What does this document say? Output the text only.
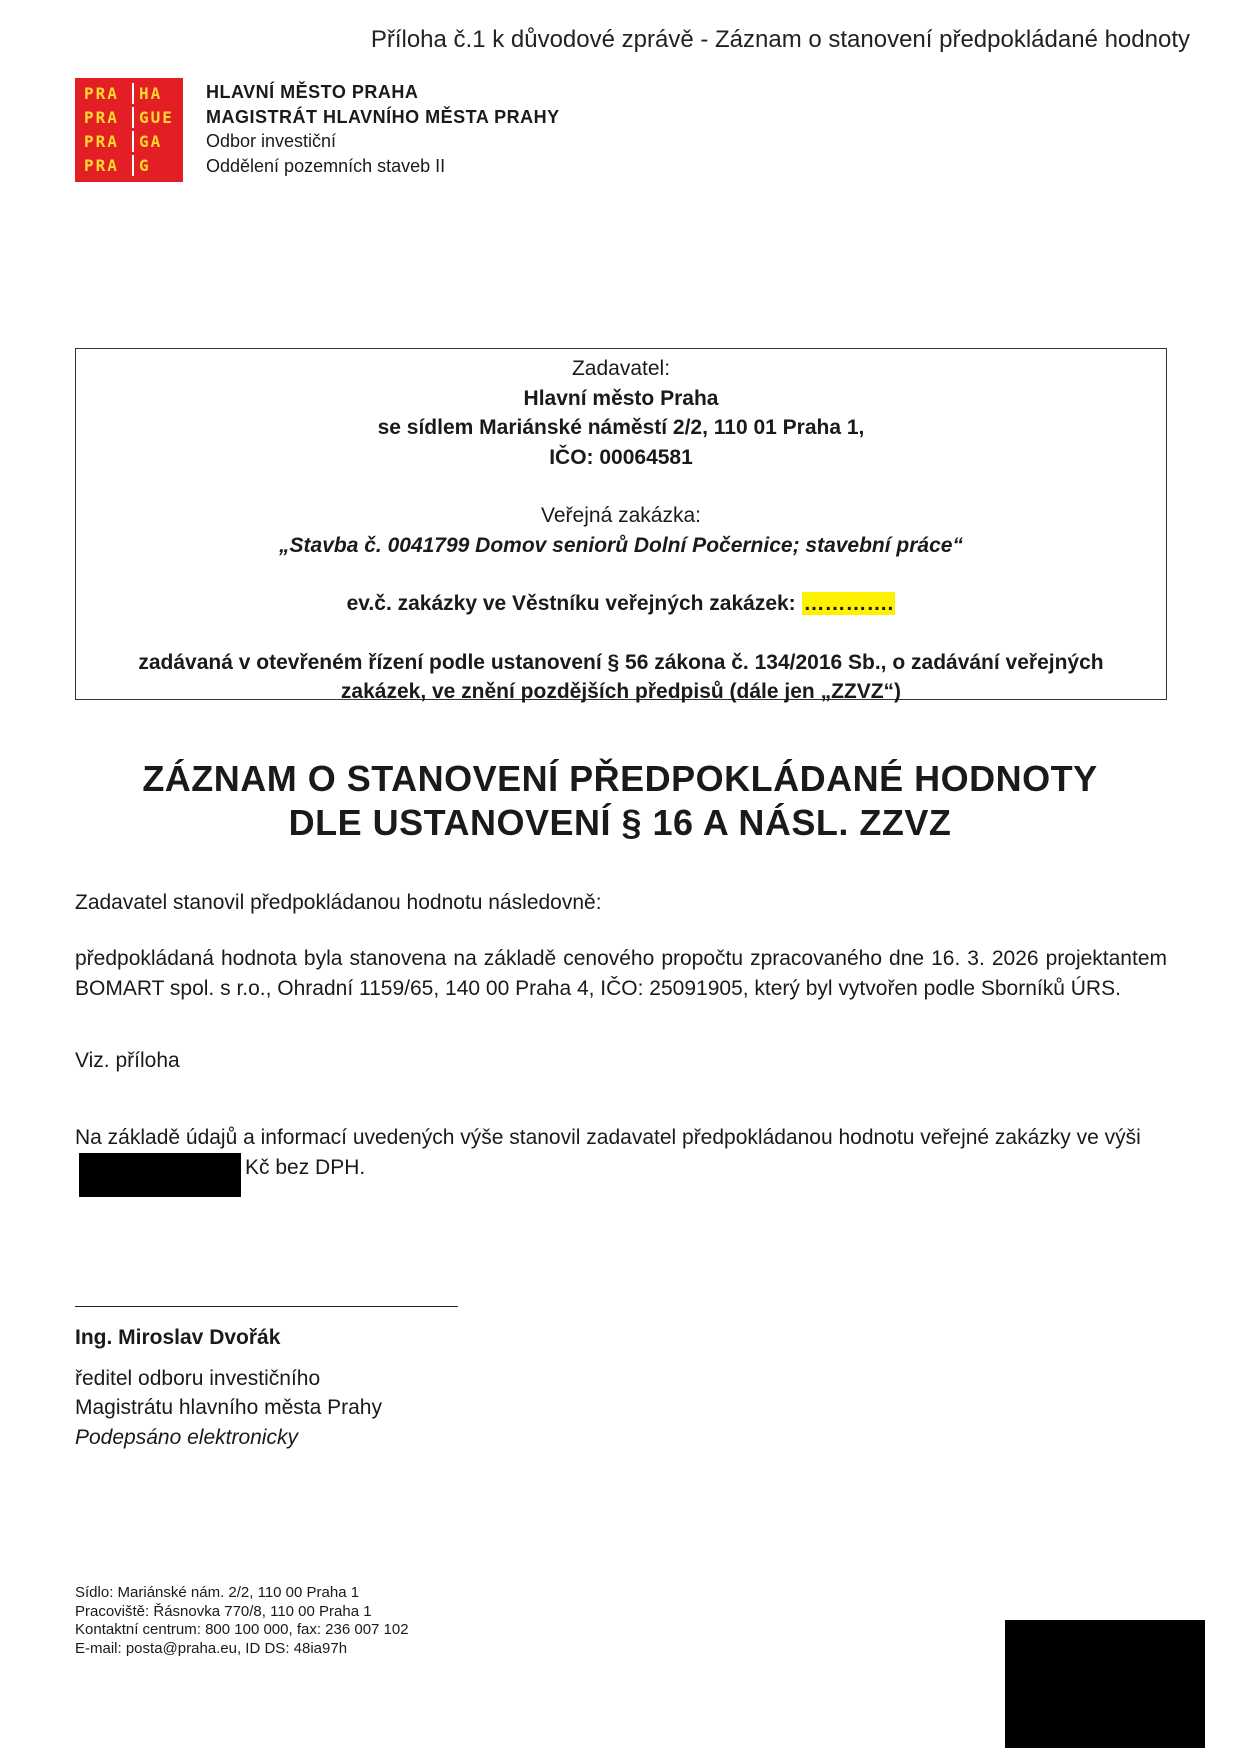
Příloha č.1 k důvodové zprávě - Záznam o stanovení předpokládané hodnoty
PRA	HA
PRA	GUE
PRA	GA
PRA	G
HLAVNÍ MĚSTO PRAHA
MAGISTRÁT HLAVNÍHO MĚSTA PRAHY
Odbor investiční
Oddělení pozemních staveb II
Zadavatel:
Hlavní město Praha
se sídlem Mariánské náměstí 2/2, 110 01 Praha 1,
IČO: 00064581
Veřejná zakázka:
„Stavba č. 0041799 Domov seniorů Dolní Počernice; stavební práce“
ev.č. zakázky ve Věstníku veřejných zakázek: ………….
zadávaná v otevřeném řízení podle ustanovení § 56 zákona č. 134/2016 Sb., o zadávání veřejných
zakázek, ve znění pozdějších předpisů (dále jen „ZZVZ“)
ZÁZNAM O STANOVENÍ PŘEDPOKLÁDANÉ HODNOTY
DLE USTANOVENÍ § 16 A NÁSL. ZZVZ
Zadavatel stanovil předpokládanou hodnotu následovně:
předpokládaná hodnota byla stanovena na základě cenového propočtu zpracovaného dne 16. 3. 2026 projektantem BOMART spol. s r.o., Ohradní 1159/65, 140 00 Praha 4, IČO: 25091905, který byl vytvořen podle Sborníků ÚRS.
Viz. příloha
Na základě údajů a informací uvedených výše stanovil zadavatel předpokládanou hodnotu veřejné zakázky ve výšiKč bez DPH.
Ing. Miroslav Dvořák
ředitel odboru investičního
Magistrátu hlavního města Prahy
Podepsáno elektronicky
Sídlo: Mariánské nám. 2/2, 110 00 Praha 1
Pracoviště: Řásnovka 770/8, 110 00 Praha 1
Kontaktní centrum: 800 100 000, fax: 236 007 102
E-mail: posta@praha.eu, ID DS: 48ia97h
